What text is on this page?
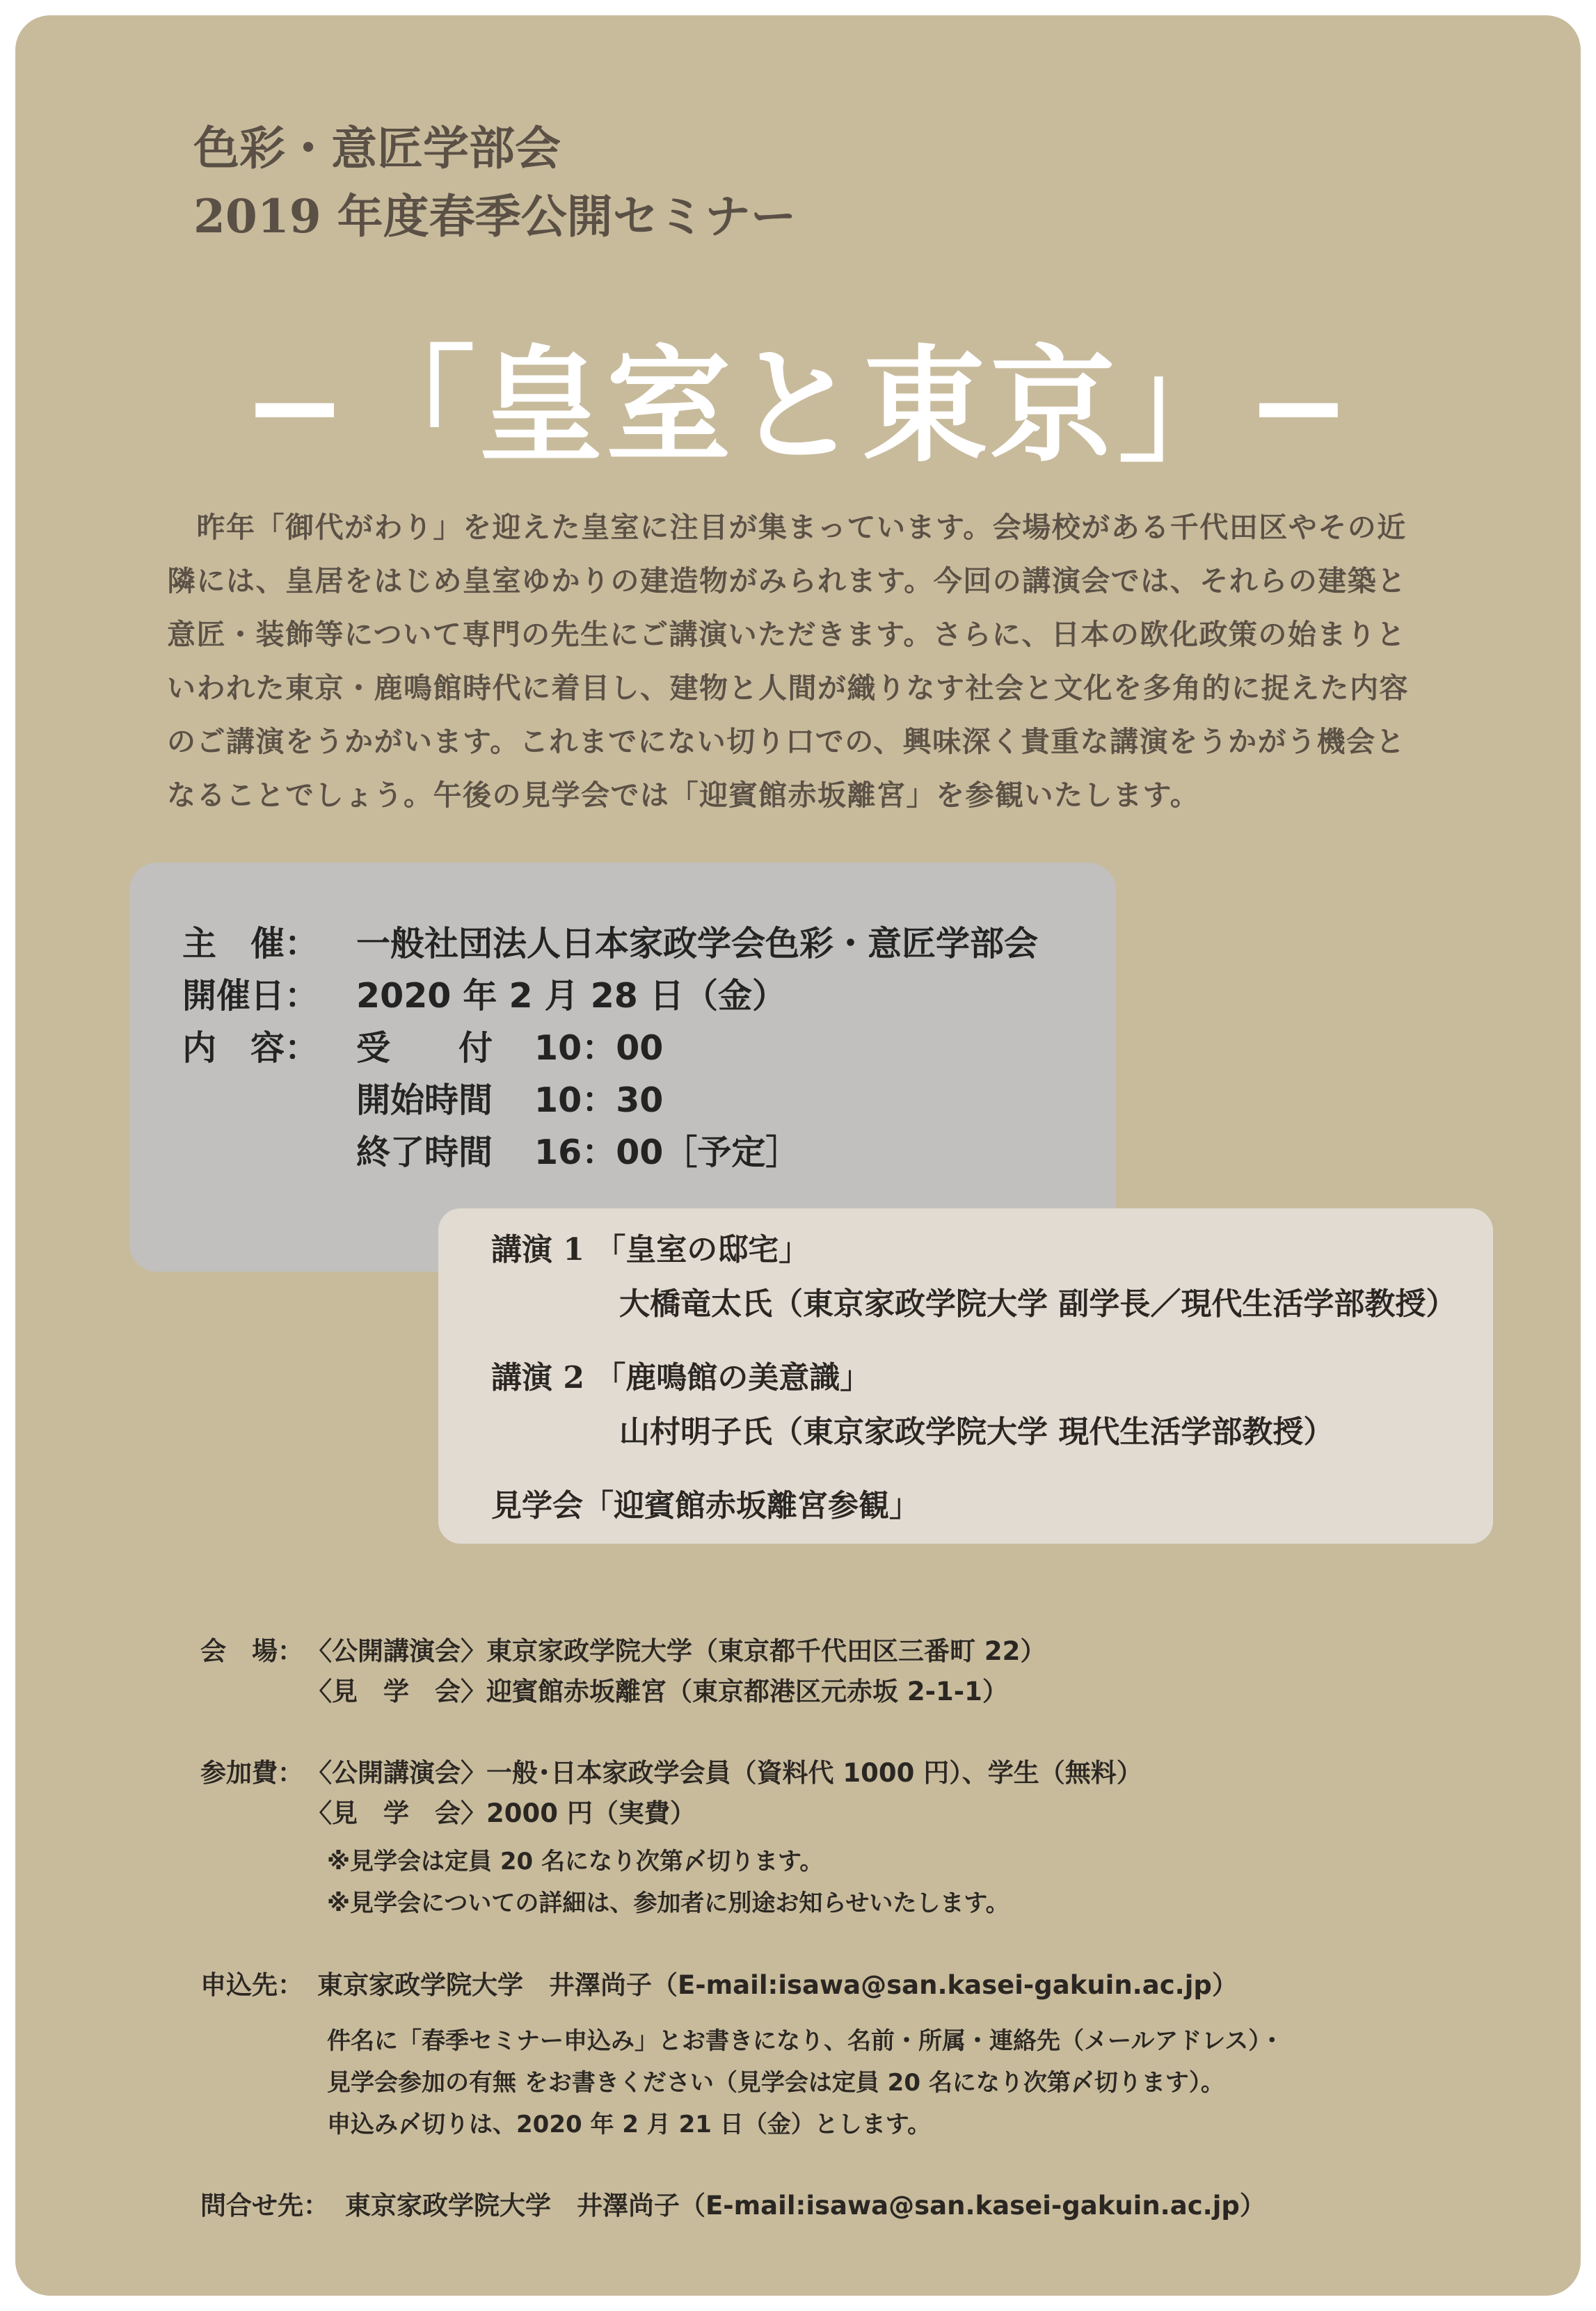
色彩・意匠学部会
2019 年度春季公開セミナー
−「皇室と東京」−

　昨年「御代がわり」を迎えた皇室に注目が集まっています。会場校がある千代田区やその近

隣には、皇居をはじめ皇室ゆかりの建造物がみられます。今回の講演会では、それらの建築と

意匠・装飾等について専門の先生にご講演いただきます。さらに、日本の欧化政策の始まりと

いわれた東京・鹿鳴館時代に着目し、建物と人間が織りなす社会と文化を多角的に捉えた内容

のご講演をうかがいます。これまでにない切り口での、興味深く貴重な講演をうかがう機会と

なることでしょう。午後の見学会では「迎賓館赤坂離宮」を参観いたします。

主　催： 一般社団法人日本家政学会色彩・意匠学部会
開催日： 2020 年 2 月 28 日（金）
内　容：	受　　付 10：00
開始時間 10：30
終了時間 16：00［予定］
講演 1 「皇室の邸宅」
大橋竜太氏（東京家政学院大学 副学長／現代生活学部教授）
講演 2 「鹿鳴館の美意識」
山村明子氏（東京家政学院大学 現代生活学部教授）
見学会「迎賓館赤坂離宮参観」
会　場： 〈公開講演会〉東京家政学院大学（東京都千代田区三番町 22）
〈見　学　会〉迎賓館赤坂離宮（東京都港区元赤坂 2-1-1）
参加費： 〈公開講演会〉一般･日本家政学会員（資料代 1000 円）、学生（無料）
〈見　学　会〉2000 円（実費）
※見学会は定員 20 名になり次第〆切ります。
※見学会についての詳細は、参加者に別途お知らせいたします。
申込先： 東京家政学院大学　井澤尚子（E-mail:isawa@san.kasei-gakuin.ac.jp）
件名に「春季セミナー申込み」とお書きになり、名前・所属・連絡先（メールアドレス）・
見学会参加の有無 をお書きください（見学会は定員 20 名になり次第〆切ります）。
申込み〆切りは、2020 年 2 月 21 日（金）とします。
問合せ先： 東京家政学院大学　井澤尚子（E-mail:isawa@san.kasei-gakuin.ac.jp）
